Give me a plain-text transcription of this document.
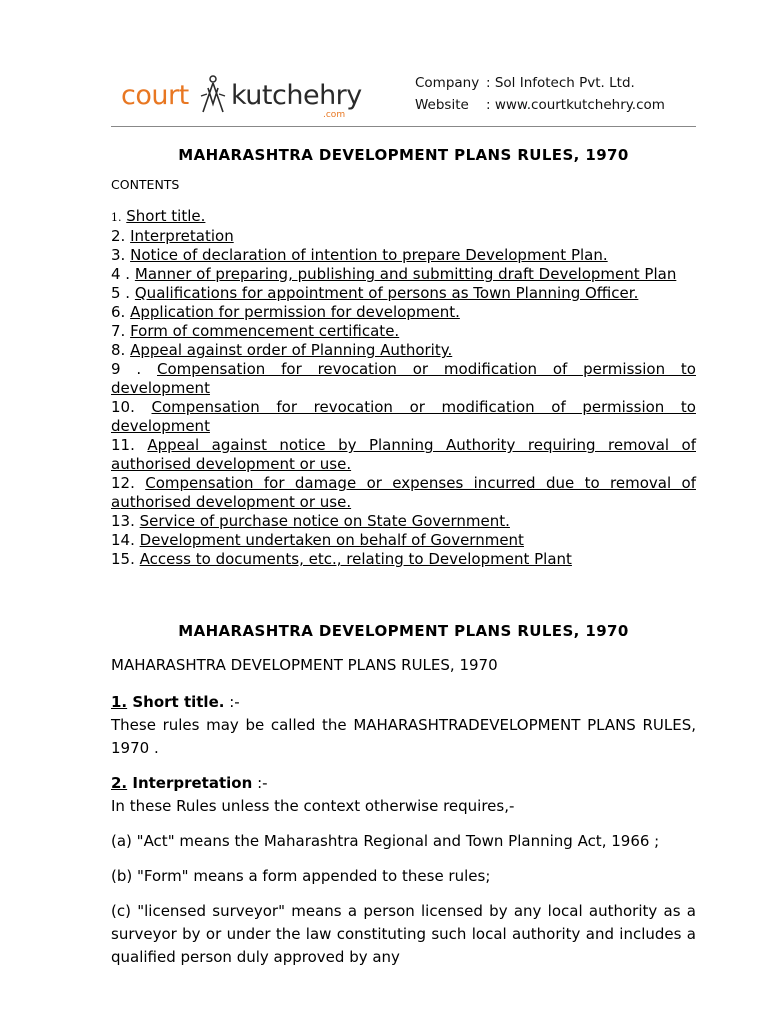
court kutchehry
.com
Company : Sol Infotech Pvt. Ltd.
Website	: www.courtkutchehry.com
MAHARASHTRA DEVELOPMENT PLANS RULES, 1970
CONTENTS
1. Short title.
2. Interpretation
3. Notice of declaration of intention to prepare Development Plan.
4 . Manner of preparing, publishing and submitting draft Development Plan
5 . Qualifications for appointment of persons as Town Planning Officer.
6. Application for permission for development.
7. Form of commencement certificate.
8. Appeal against order of Planning Authority.
9 . Compensation for revocation or modification of permission to development
10. Compensation for revocation or modification of permission to development
11. Appeal against notice by Planning Authority requiring removal of authorised development or use.
12. Compensation for damage or expenses incurred due to removal of authorised development or use.
13. Service of purchase notice on State Government.
14. Development undertaken on behalf of Government
15. Access to documents, etc., relating to Development Plant
MAHARASHTRA DEVELOPMENT PLANS RULES, 1970

MAHARASHTRA DEVELOPMENT PLANS RULES, 1970

1. Short title. :-

These rules may be called the MAHARASHTRADEVELOPMENT PLANS RULES, 1970 .

2. Interpretation :-

In these Rules unless the context otherwise requires,-

(a) "Act" means the Maharashtra Regional and Town Planning Act, 1966 ;

(b) "Form" means a form appended to these rules;

(c) "licensed surveyor" means a person licensed by any local authority as a surveyor by or under the law constituting such local authority and includes a qualified person duly approved by any
